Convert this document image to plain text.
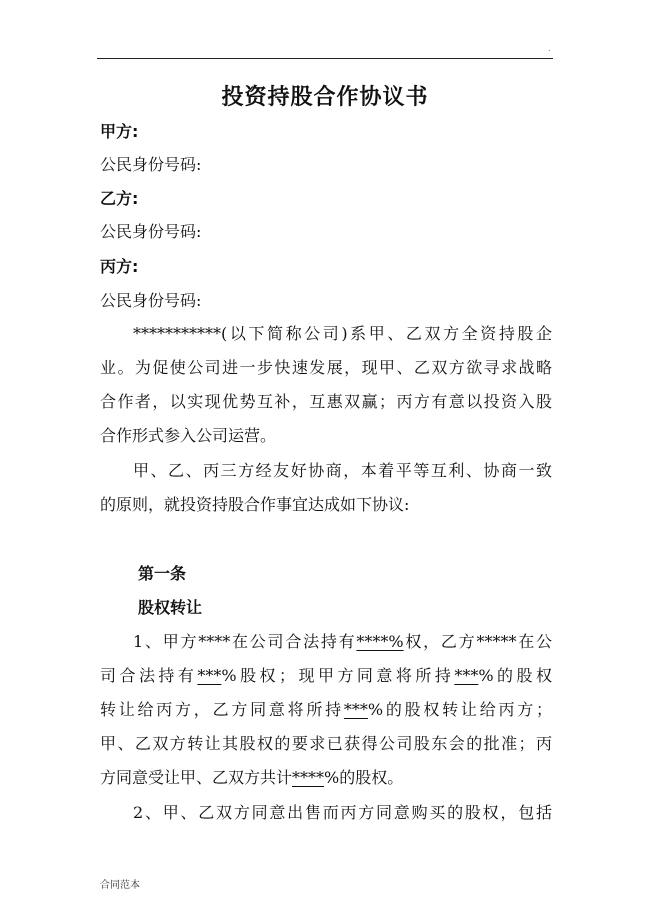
.
投资持股合作协议书
甲方:
公民身份号码:
乙方:
公民身份号码:
丙方:
公民身份号码:
***********(以下简称公司)系甲、乙双方全资持股企
业。为促使公司进一步快速发展，现甲、乙双方欲寻求战略
合作者，以实现优势互补，互惠双赢；丙方有意以投资入股
合作形式参入公司运营。
甲、乙、丙三方经友好协商，本着平等互利、协商一致
的原则，就投资持股合作事宜达成如下协议:
第一条
股权转让
1、甲方****在公司合法持有****%权，乙方*****在公
司合法持有***%股权；现甲方同意将所持***%的股权
转让给丙方，乙方同意将所持***%的股权转让给丙方；
甲、乙双方转让其股权的要求已获得公司股东会的批准；丙
方同意受让甲、乙双方共计****%的股权。
2、甲、乙双方同意出售而丙方同意购买的股权，包括
合同范本
